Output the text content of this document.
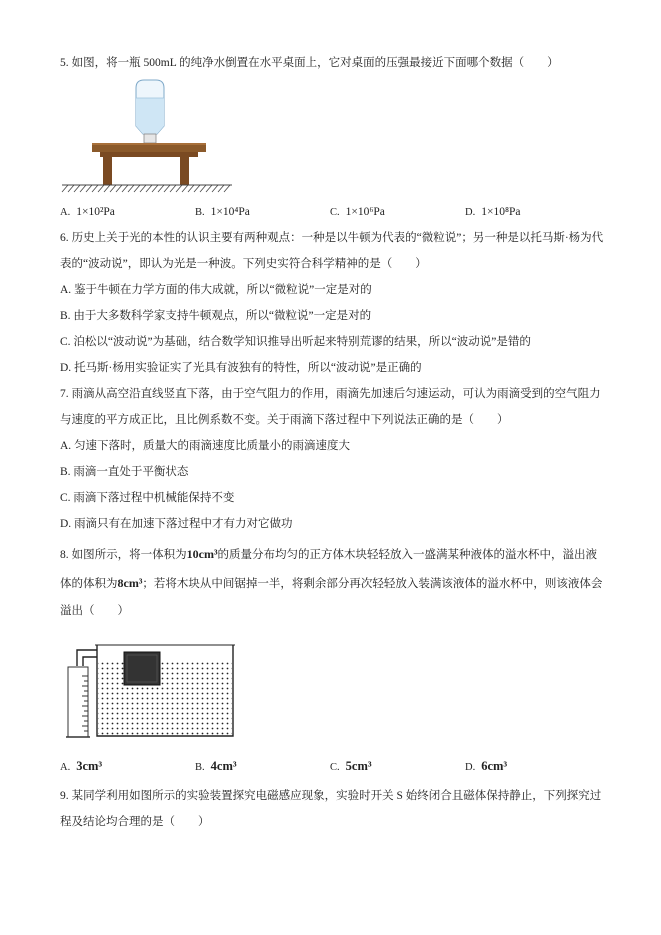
5. 如图，将一瓶 500mL 的纯净水倒置在水平桌面上，它对桌面的压强最接近下面哪个数据（　　）

A. 1×10²Pa	B. 1×10⁴Pa	C. 1×10⁶Pa	D. 1×10⁸Pa

6. 历史上关于光的本性的认识主要有两种观点：一种是以牛顿为代表的“微粒说”；另一种是以托马斯·杨为代表的“波动说”，即认为光是一种波。下列史实符合科学精神的是（　　）

A. 鉴于牛顿在力学方面的伟大成就，所以“微粒说”一定是对的
B. 由于大多数科学家支持牛顿观点，所以“微粒说”一定是对的
C. 泊松以“波动说”为基础，结合数学知识推导出听起来特别荒谬的结果，所以“波动说”是错的
D. 托马斯·杨用实验证实了光具有波独有的特性，所以“波动说”是正确的

7. 雨滴从高空沿直线竖直下落，由于空气阻力的作用，雨滴先加速后匀速运动，可认为雨滴受到的空气阻力与速度的平方成正比，且比例系数不变。关于雨滴下落过程中下列说法正确的是（　　）

A. 匀速下落时，质量大的雨滴速度比质量小的雨滴速度大
B. 雨滴一直处于平衡状态
C. 雨滴下落过程中机械能保持不变
D. 雨滴只有在加速下落过程中才有力对它做功

8. 如图所示，将一体积为10cm³的质量分布均匀的正方体木块轻轻放入一盛满某种液体的溢水杯中，溢出液体的体积为8cm³；若将木块从中间锯掉一半，将剩余部分再次轻轻放入装满该液体的溢水杯中，则该液体会溢出（　　）

A. 3cm³	B. 4cm³	C. 5cm³	D. 6cm³

9. 某同学利用如图所示的实验装置探究电磁感应现象，实验时开关 S 始终闭合且磁体保持静止，下列探究过程及结论均合理的是（　　）
